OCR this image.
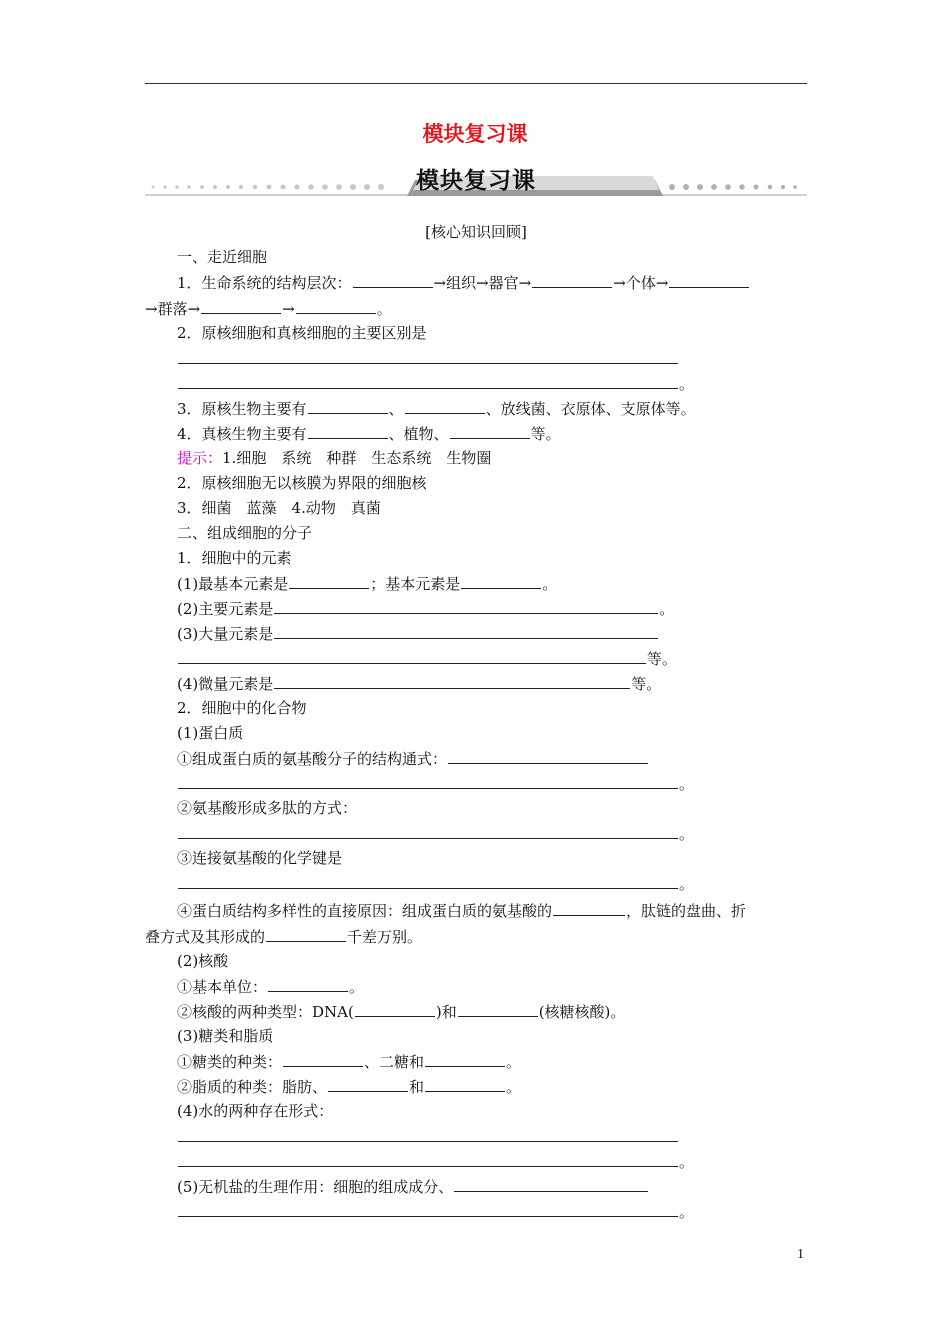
模块复习课
模块复习课
[核心知识回顾]
一、走近细胞
1．生命系统的结构层次：	→组织→器官→	→个体→
→群落→	→	。
2．原核细胞和真核细胞的主要区别是
。
3．原核生物主要有	、	、放线菌、衣原体、支原体等。
4．真核生物主要有	、植物、	等。
提示：1.细胞　系统　种群　生态系统　生物圈
2．原核细胞无以核膜为界限的细胞核
3．细菌　蓝藻　4.动物　真菌
二、组成细胞的分子
1．细胞中的元素
(1)最基本元素是	；基本元素是	。
(2)主要元素是	。
(3)大量元素是
等。
(4)微量元素是	等。
2．细胞中的化合物
(1)蛋白质
①组成蛋白质的氨基酸分子的结构通式：
。
②氨基酸形成多肽的方式：
。
③连接氨基酸的化学键是
。
④蛋白质结构多样性的直接原因：组成蛋白质的氨基酸的	，肽链的盘曲、折
叠方式及其形成的	千差万别。
(2)核酸
①基本单位：	。
②核酸的两种类型：DNA(	)和	(核糖核酸)。
(3)糖类和脂质
①糖类的种类：	、二糖和	。
②脂质的种类：脂肪、	和	。
(4)水的两种存在形式：
。
(5)无机盐的生理作用：细胞的组成成分、
。
1
